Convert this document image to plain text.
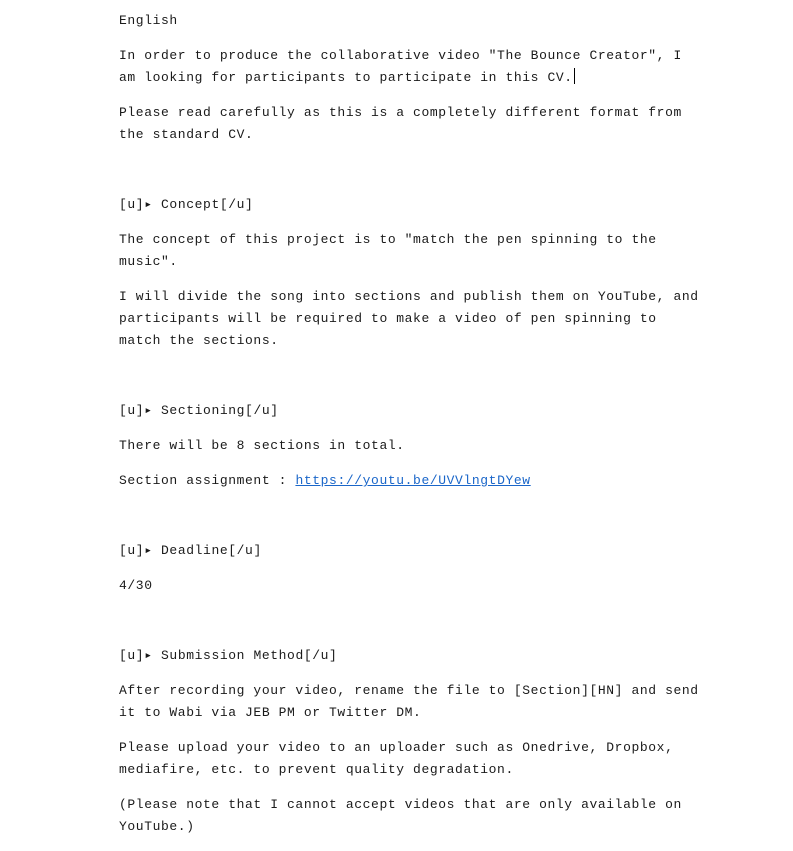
English

In order to produce the collaborative video "The Bounce Creator", I am looking for participants to participate in this CV.

Please read carefully as this is a completely different format from the standard CV.

[u]▸ Concept[/u]

The concept of this project is to "match the pen spinning to the music".

I will divide the song into sections and publish them on YouTube, and participants will be required to make a video of pen spinning to match the sections.

[u]▸ Sectioning[/u]

There will be 8 sections in total.

Section assignment : https://youtu.be/UVVlngtDYew

[u]▸ Deadline[/u]

4/30

[u]▸ Submission Method[/u]

After recording your video, rename the file to [Section][HN] and send it to Wabi via JEB PM or Twitter DM.

Please upload your video to an uploader such as Onedrive, Dropbox, mediafire, etc. to prevent quality degradation.

(Please note that I cannot accept videos that are only available on YouTube.)
